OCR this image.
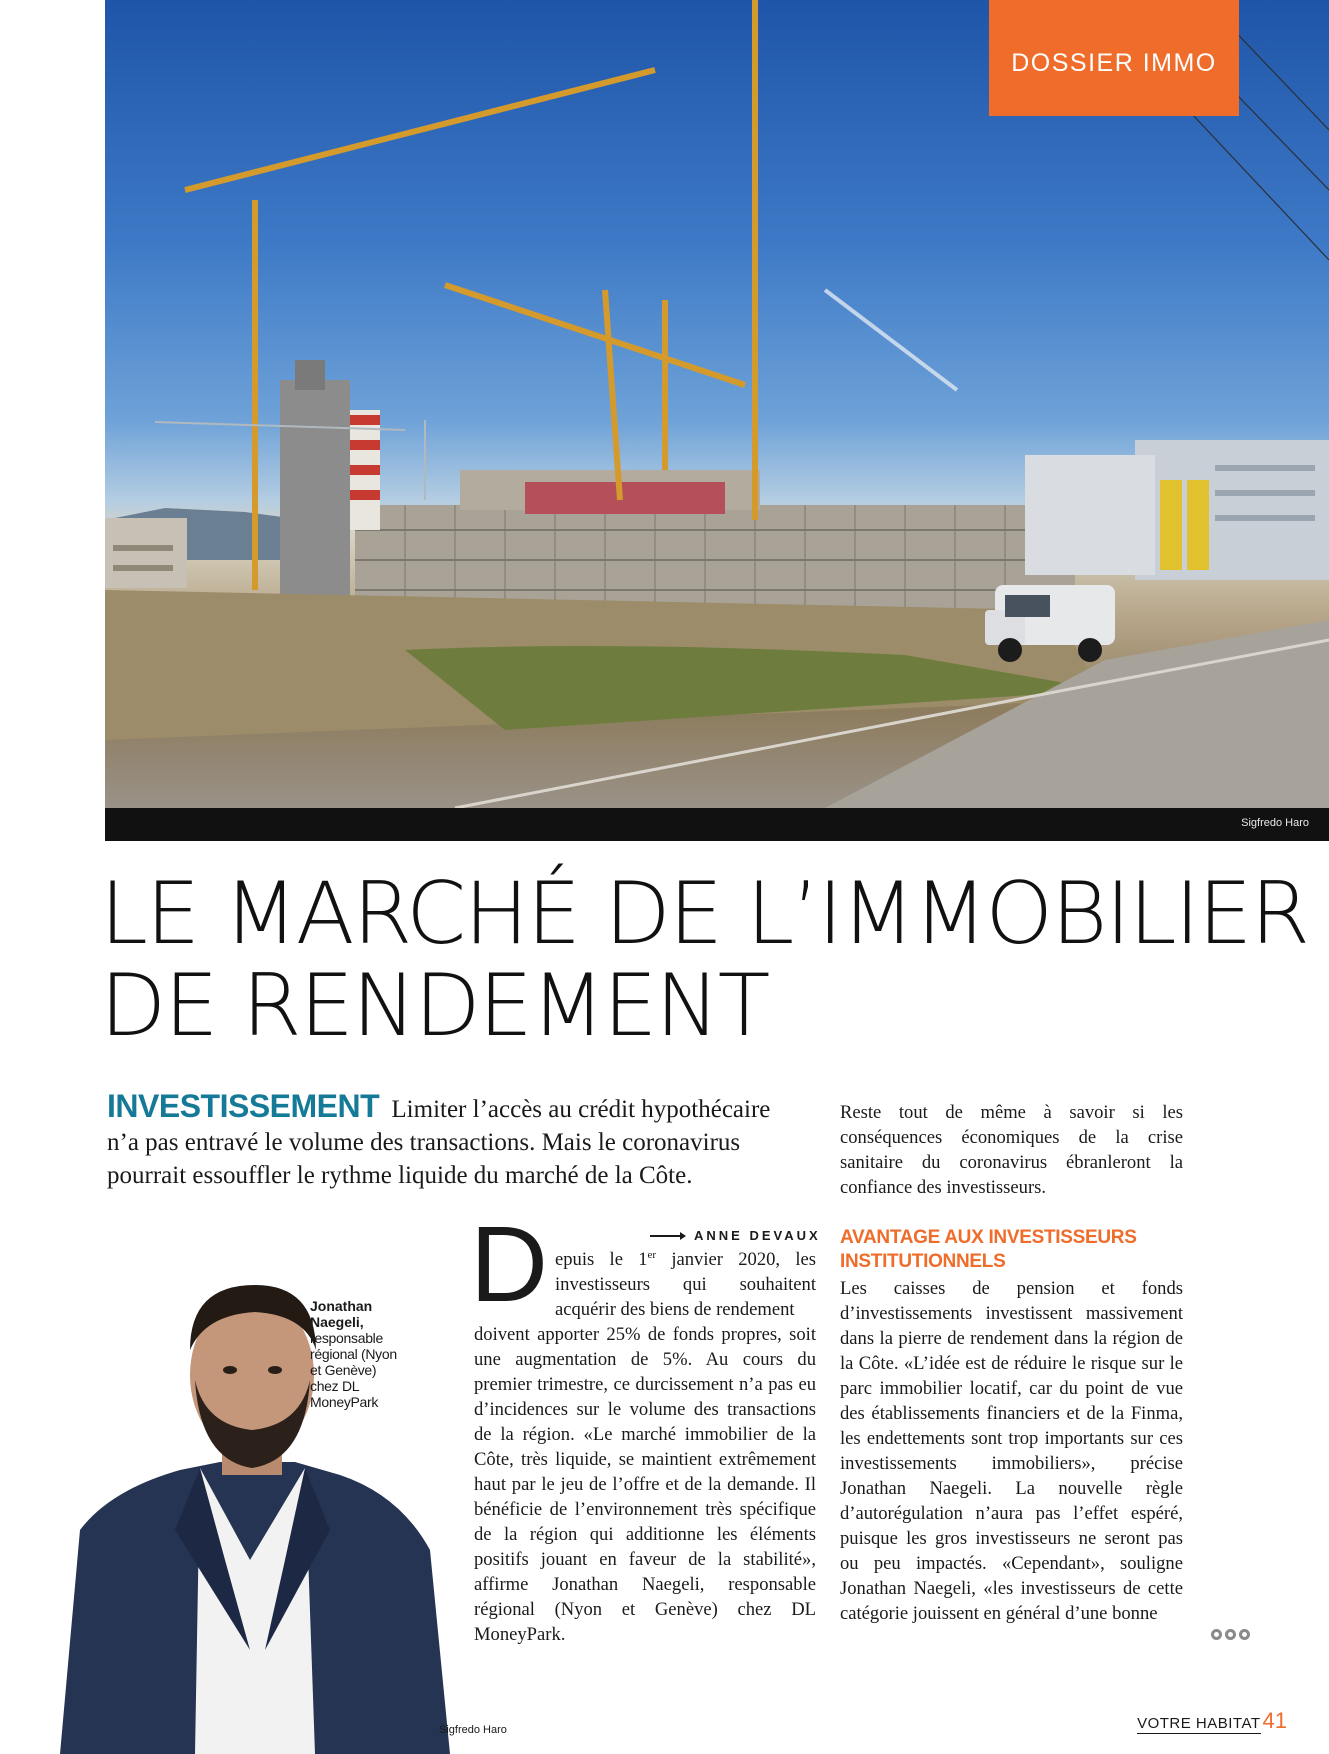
DOSSIER IMMO
Sigfredo Haro
LE MARCHÉ DE L’IMMOBILIER
DE RENDEMENT

INVESTISSEMENT Limiter l’accès au crédit hypothécaire n’a pas entravé le volume des transactions. Mais le coronavirus pourrait essouffler le rythme liquide du marché de la Côte.

Jonathan
Naegeli,
responsable
régional (Nyon
et Genève)
chez DL
MoneyPark
Sigfredo Haro
ANNE DEVAUX
D epuis le 1er janvier 2020, les investisseurs qui souhaitent acquérir des biens de rendement
doivent apporter 25% de fonds propres, soit une augmentation de 5%. Au cours du premier trimestre, ce durcissement n’a pas eu d’incidences sur le volume des transactions de la région. «Le marché immobilier de la Côte, très liquide, se maintient extrêmement haut par le jeu de l’offre et de la demande. Il bénéficie de l’environnement très spécifique de la région qui additionne les éléments positifs jouant en faveur de la stabilité», affirme Jonathan Naegeli, responsable régional (Nyon et Genève) chez DL MoneyPark.

Reste tout de même à savoir si les conséquences économiques de la crise sanitaire du coronavirus ébranleront la confiance des investisseurs.

AVANTAGE AUX INVESTISSEURS INSTITUTIONNELS

Les caisses de pension et fonds d’investissements investissent massivement dans la pierre de rendement dans la région de la Côte. «L’idée est de réduire le risque sur le parc immobilier locatif, car du point de vue des établissements financiers et de la Finma, les endettements sont trop importants sur ces investissements immobiliers», précise Jonathan Naegeli. La nouvelle règle d’autorégulation n’aura pas l’effet espéré, puisque les gros investisseurs ne seront pas ou peu impactés. «Cependant», souligne Jonathan Naegeli, «les investisseurs de cette catégorie jouissent en général d’une bonne

VOTRE HABITAT 41
